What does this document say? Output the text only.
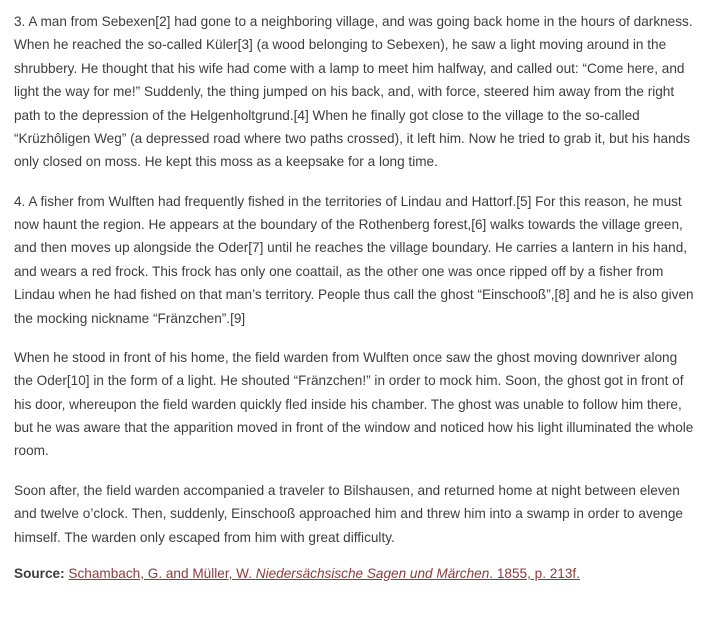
3. A man from Sebexen[2] had gone to a neighboring village, and was going back home in the hours of darkness. When he reached the so-called Küler[3] (a wood belonging to Sebexen), he saw a light moving around in the shrubbery. He thought that his wife had come with a lamp to meet him halfway, and called out: “Come here, and light the way for me!” Suddenly, the thing jumped on his back, and, with force, steered him away from the right path to the depression of the Helgenholtgrund.[4] When he finally got close to the village to the so-called “Krüzhôligen Weg” (a depressed road where two paths crossed), it left him. Now he tried to grab it, but his hands only closed on moss. He kept this moss as a keepsake for a long time.

4. A fisher from Wulften had frequently fished in the territories of Lindau and Hattorf.[5] For this reason, he must now haunt the region. He appears at the boundary of the Rothenberg forest,[6] walks towards the village green, and then moves up alongside the Oder[7] until he reaches the village boundary. He carries a lantern in his hand, and wears a red frock. This frock has only one coattail, as the other one was once ripped off by a fisher from Lindau when he had fished on that man’s territory. People thus call the ghost “Einschooß”,[8] and he is also given the mocking nickname “Fränzchen”.[9]

When he stood in front of his home, the field warden from Wulften once saw the ghost moving downriver along the Oder[10] in the form of a light. He shouted “Fränzchen!” in order to mock him. Soon, the ghost got in front of his door, whereupon the field warden quickly fled inside his chamber. The ghost was unable to follow him there, but he was aware that the apparition moved in front of the window and noticed how his light illuminated the whole room.

Soon after, the field warden accompanied a traveler to Bilshausen, and returned home at night between eleven and twelve o’clock. Then, suddenly, Einschooß approached him and threw him into a swamp in order to avenge himself. The warden only escaped from him with great difficulty.

Source: Schambach, G. and Müller, W. Niedersächsische Sagen und Märchen. 1855, p. 213f.
